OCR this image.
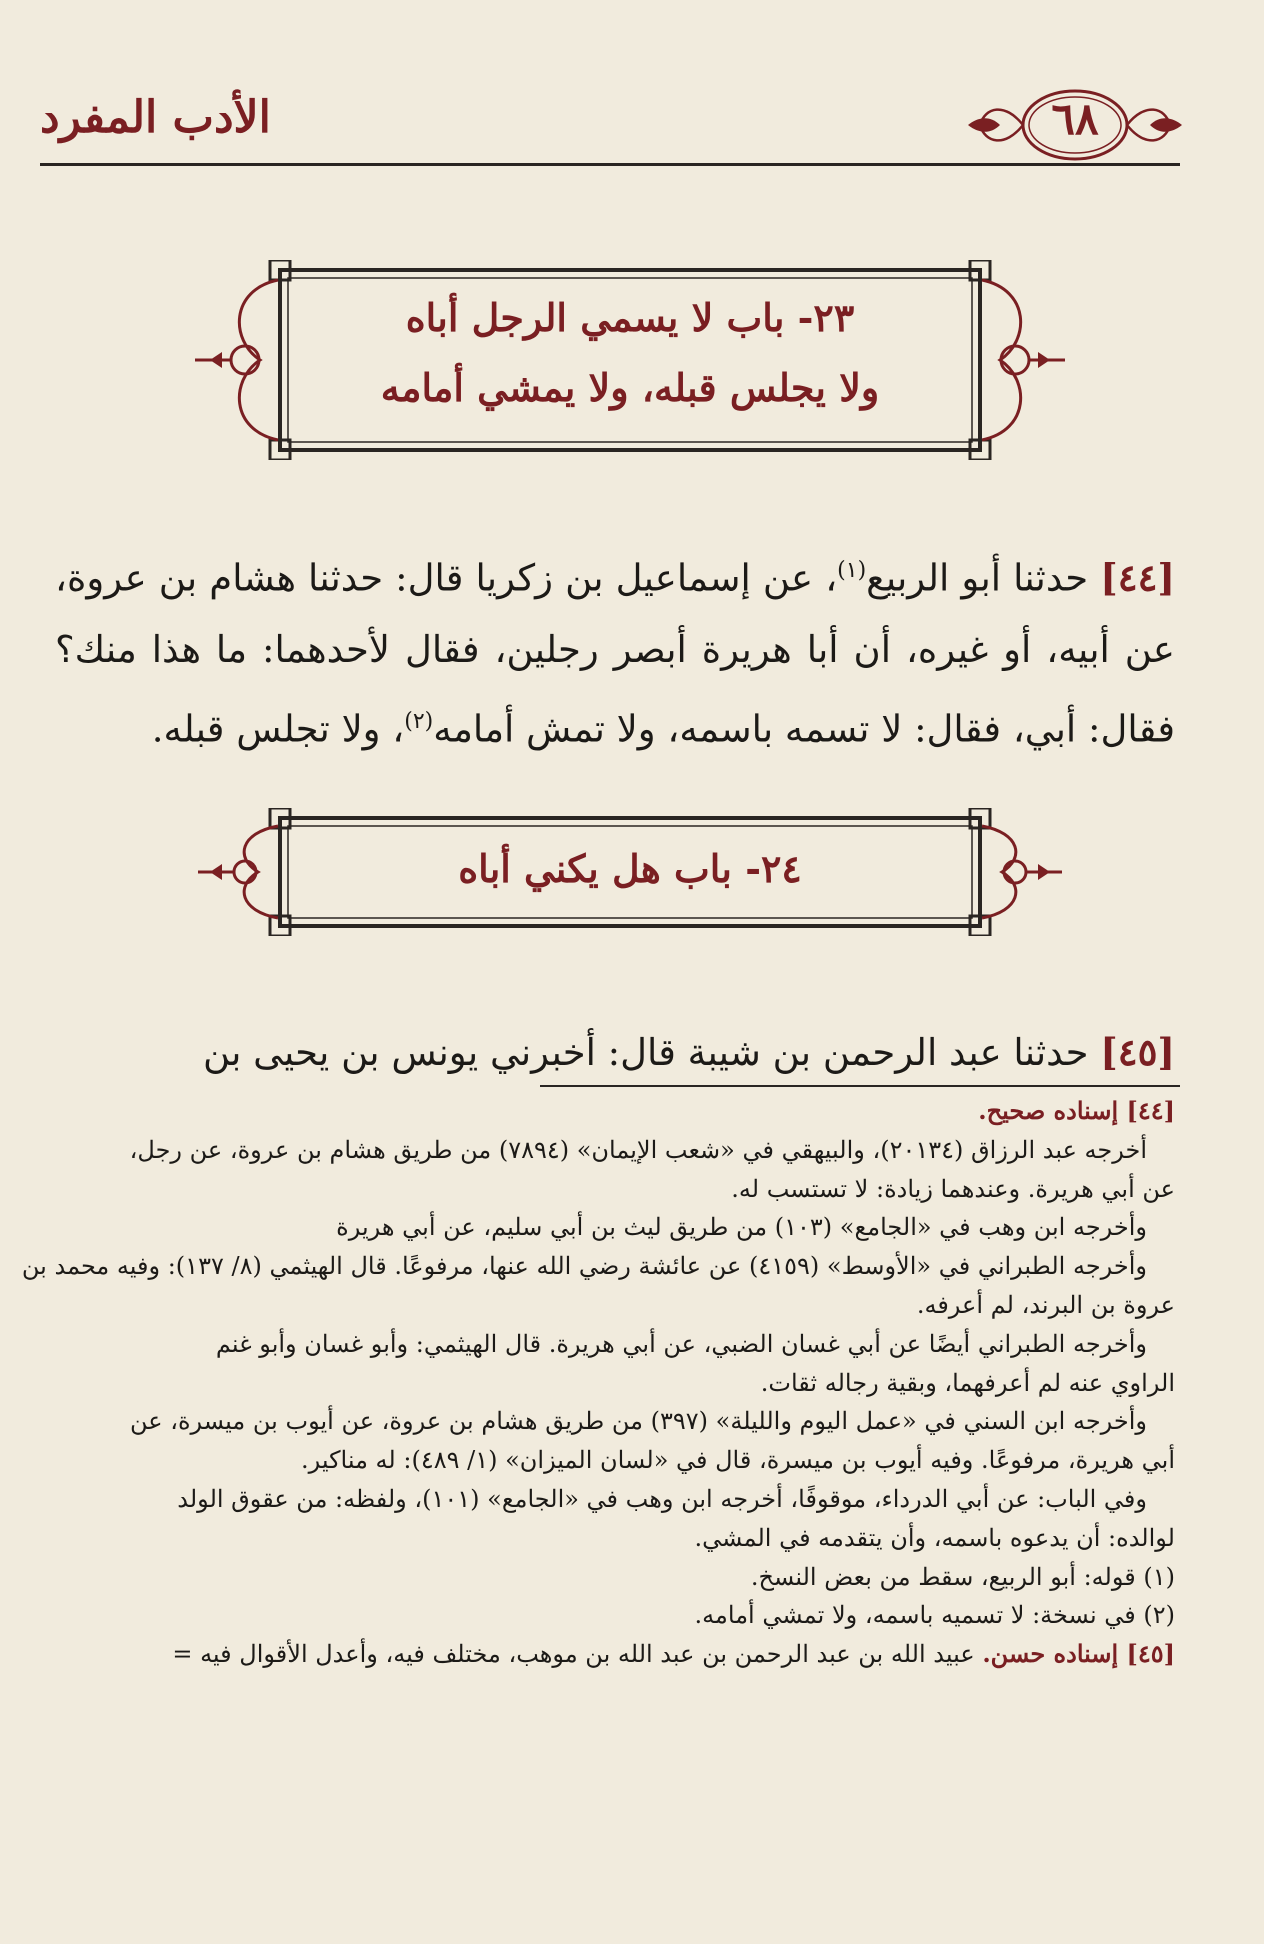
الأدب المفرد	٦٨
٢٣- باب لا يسمي الرجل أباه
ولا يجلس قبله، ولا يمشي أمامه
[٤٤] حدثنا أبو الربيع$^{(١)}$، عن إسماعيل بن زكريا قال: حدثنا هشام بن عروة، عن أبيه، أو غيره، أن أبا هريرة أبصر رجلين، فقال لأحدهما: ما هذا منك؟ فقال: أبي، فقال: لا تسمه باسمه، ولا تمش أمامه$^{(٢)}$، ولا تجلس قبله.
٢٤- باب هل يكني أباه
[٤٥] حدثنا عبد الرحمن بن شيبة قال: أخبرني يونس بن يحيى بن
[٤٤] إسناده صحيح.
أخرجه عبد الرزاق (٢٠١٣٤)، والبيهقي في «شعب الإيمان» (٧٨٩٤) من طريق هشام بن عروة، عن رجل،
عن أبي هريرة. وعندهما زيادة: لا تستسب له.
وأخرجه ابن وهب في «الجامع» (١٠٣) من طريق ليث بن أبي سليم، عن أبي هريرة
وأخرجه الطبراني في «الأوسط» (٤١٥٩) عن عائشة رضي الله عنها، مرفوعًا. قال الهيثمي (٨/ ١٣٧): وفيه محمد بن
عروة بن البرند، لم أعرفه.
وأخرجه الطبراني أيضًا عن أبي غسان الضبي، عن أبي هريرة. قال الهيثمي: وأبو غسان وأبو غنم
الراوي عنه لم أعرفهما، وبقية رجاله ثقات.
وأخرجه ابن السني في «عمل اليوم والليلة» (٣٩٧) من طريق هشام بن عروة، عن أيوب بن ميسرة، عن
أبي هريرة، مرفوعًا. وفيه أيوب بن ميسرة، قال في «لسان الميزان» (١/ ٤٨٩): له مناكير.
وفي الباب: عن أبي الدرداء، موقوفًا، أخرجه ابن وهب في «الجامع» (١٠١)، ولفظه: من عقوق الولد
لوالده: أن يدعوه باسمه، وأن يتقدمه في المشي.
(١) قوله: أبو الربيع، سقط من بعض النسخ.
(٢) في نسخة: لا تسميه باسمه، ولا تمشي أمامه.
[٤٥] إسناده حسن. عبيد الله بن عبد الرحمن بن عبد الله بن موهب، مختلف فيه، وأعدل الأقوال فيه =
